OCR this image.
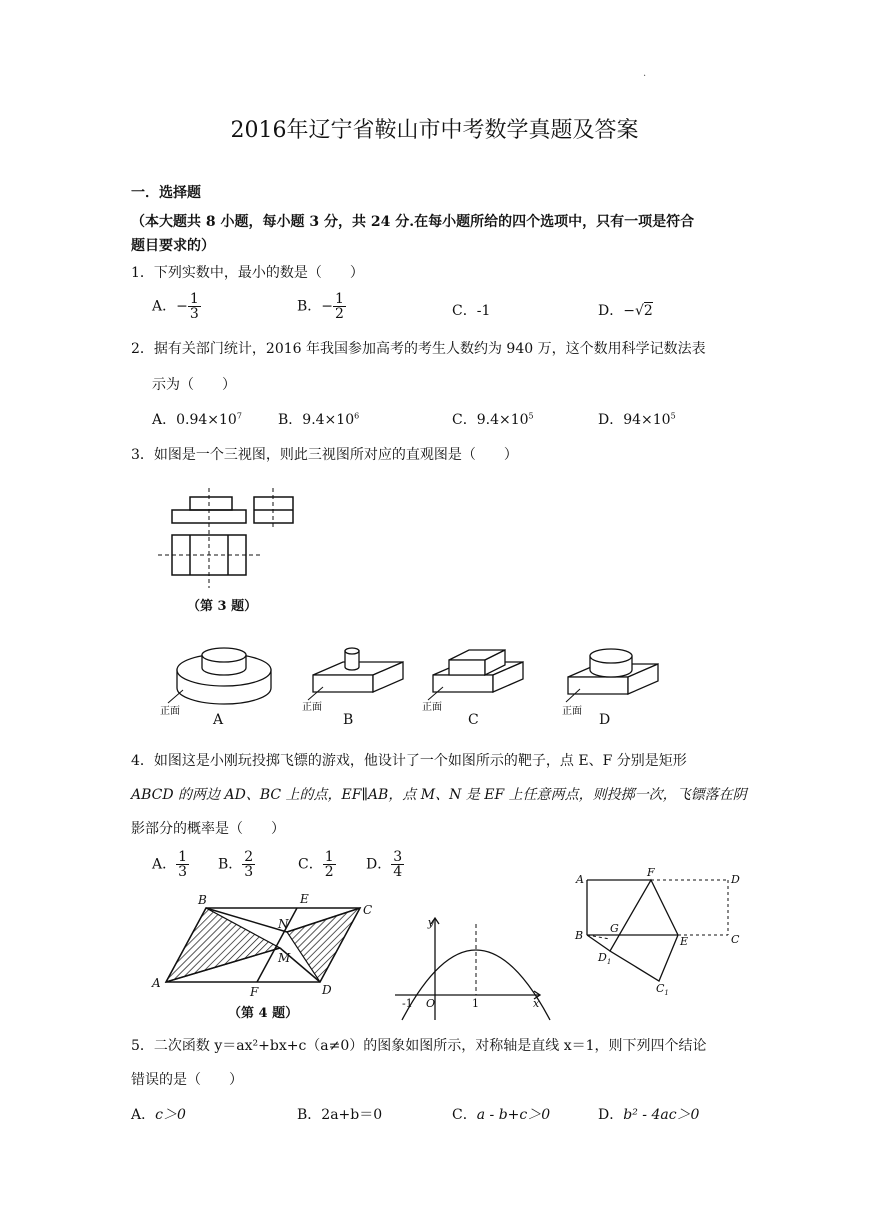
.
2016年辽宁省鞍山市中考数学真题及答案
一．选择题
（本大题共 8 小题，每小题 3 分，共 24 分.在每小题所给的四个选项中，只有一项是符合
题目要求的）
1．下列实数中，最小的数是（　　）
A．− $\frac{1}{3}$	B．− $\frac{1}{2}$	C．-1	D．−√2
2．据有关部门统计，2016 年我国参加高考的考生人数约为 940 万，这个数用科学记数法表
示为（　　）
A．$0.94\times 10^7$	B．$9.4\times 10^6$	C．$9.4\times 10^5$	D．$94\times 10^5$
3．如图是一个三视图，则此三视图所对应的直观图是（　　）
（第 3 题）
正面
A
正面
B
正面
C
正面
D
4．如图这是小刚玩投掷飞镖的游戏，他设计了一个如图所示的靶子，点 E、F 分别是矩形
ABCD 的两边 AD、BC 上的点，EF∥AB，点 M、N 是 EF 上任意两点，则投掷一次，飞镖落在阴
影部分的概率是（　　）
A． $\frac{1}{3}$ B． $\frac{2}{3}$	C． $\frac{1}{2}$ D． $\frac{3}{4}$
A
B
C
D
E
F
N
M
（第 4 题）
y
x
O
-1	1
A
F
D
B	C
G
E
$D_1$
$C_1$
5．二次函数 y＝ax²+bx+c（a≠0）的图象如图所示，对称轴是直线 x＝1，则下列四个结论
错误的是（　　）
A．c＞0	B．2a+b＝0	C．a - b+c＞0	D．b² - 4ac＞0
